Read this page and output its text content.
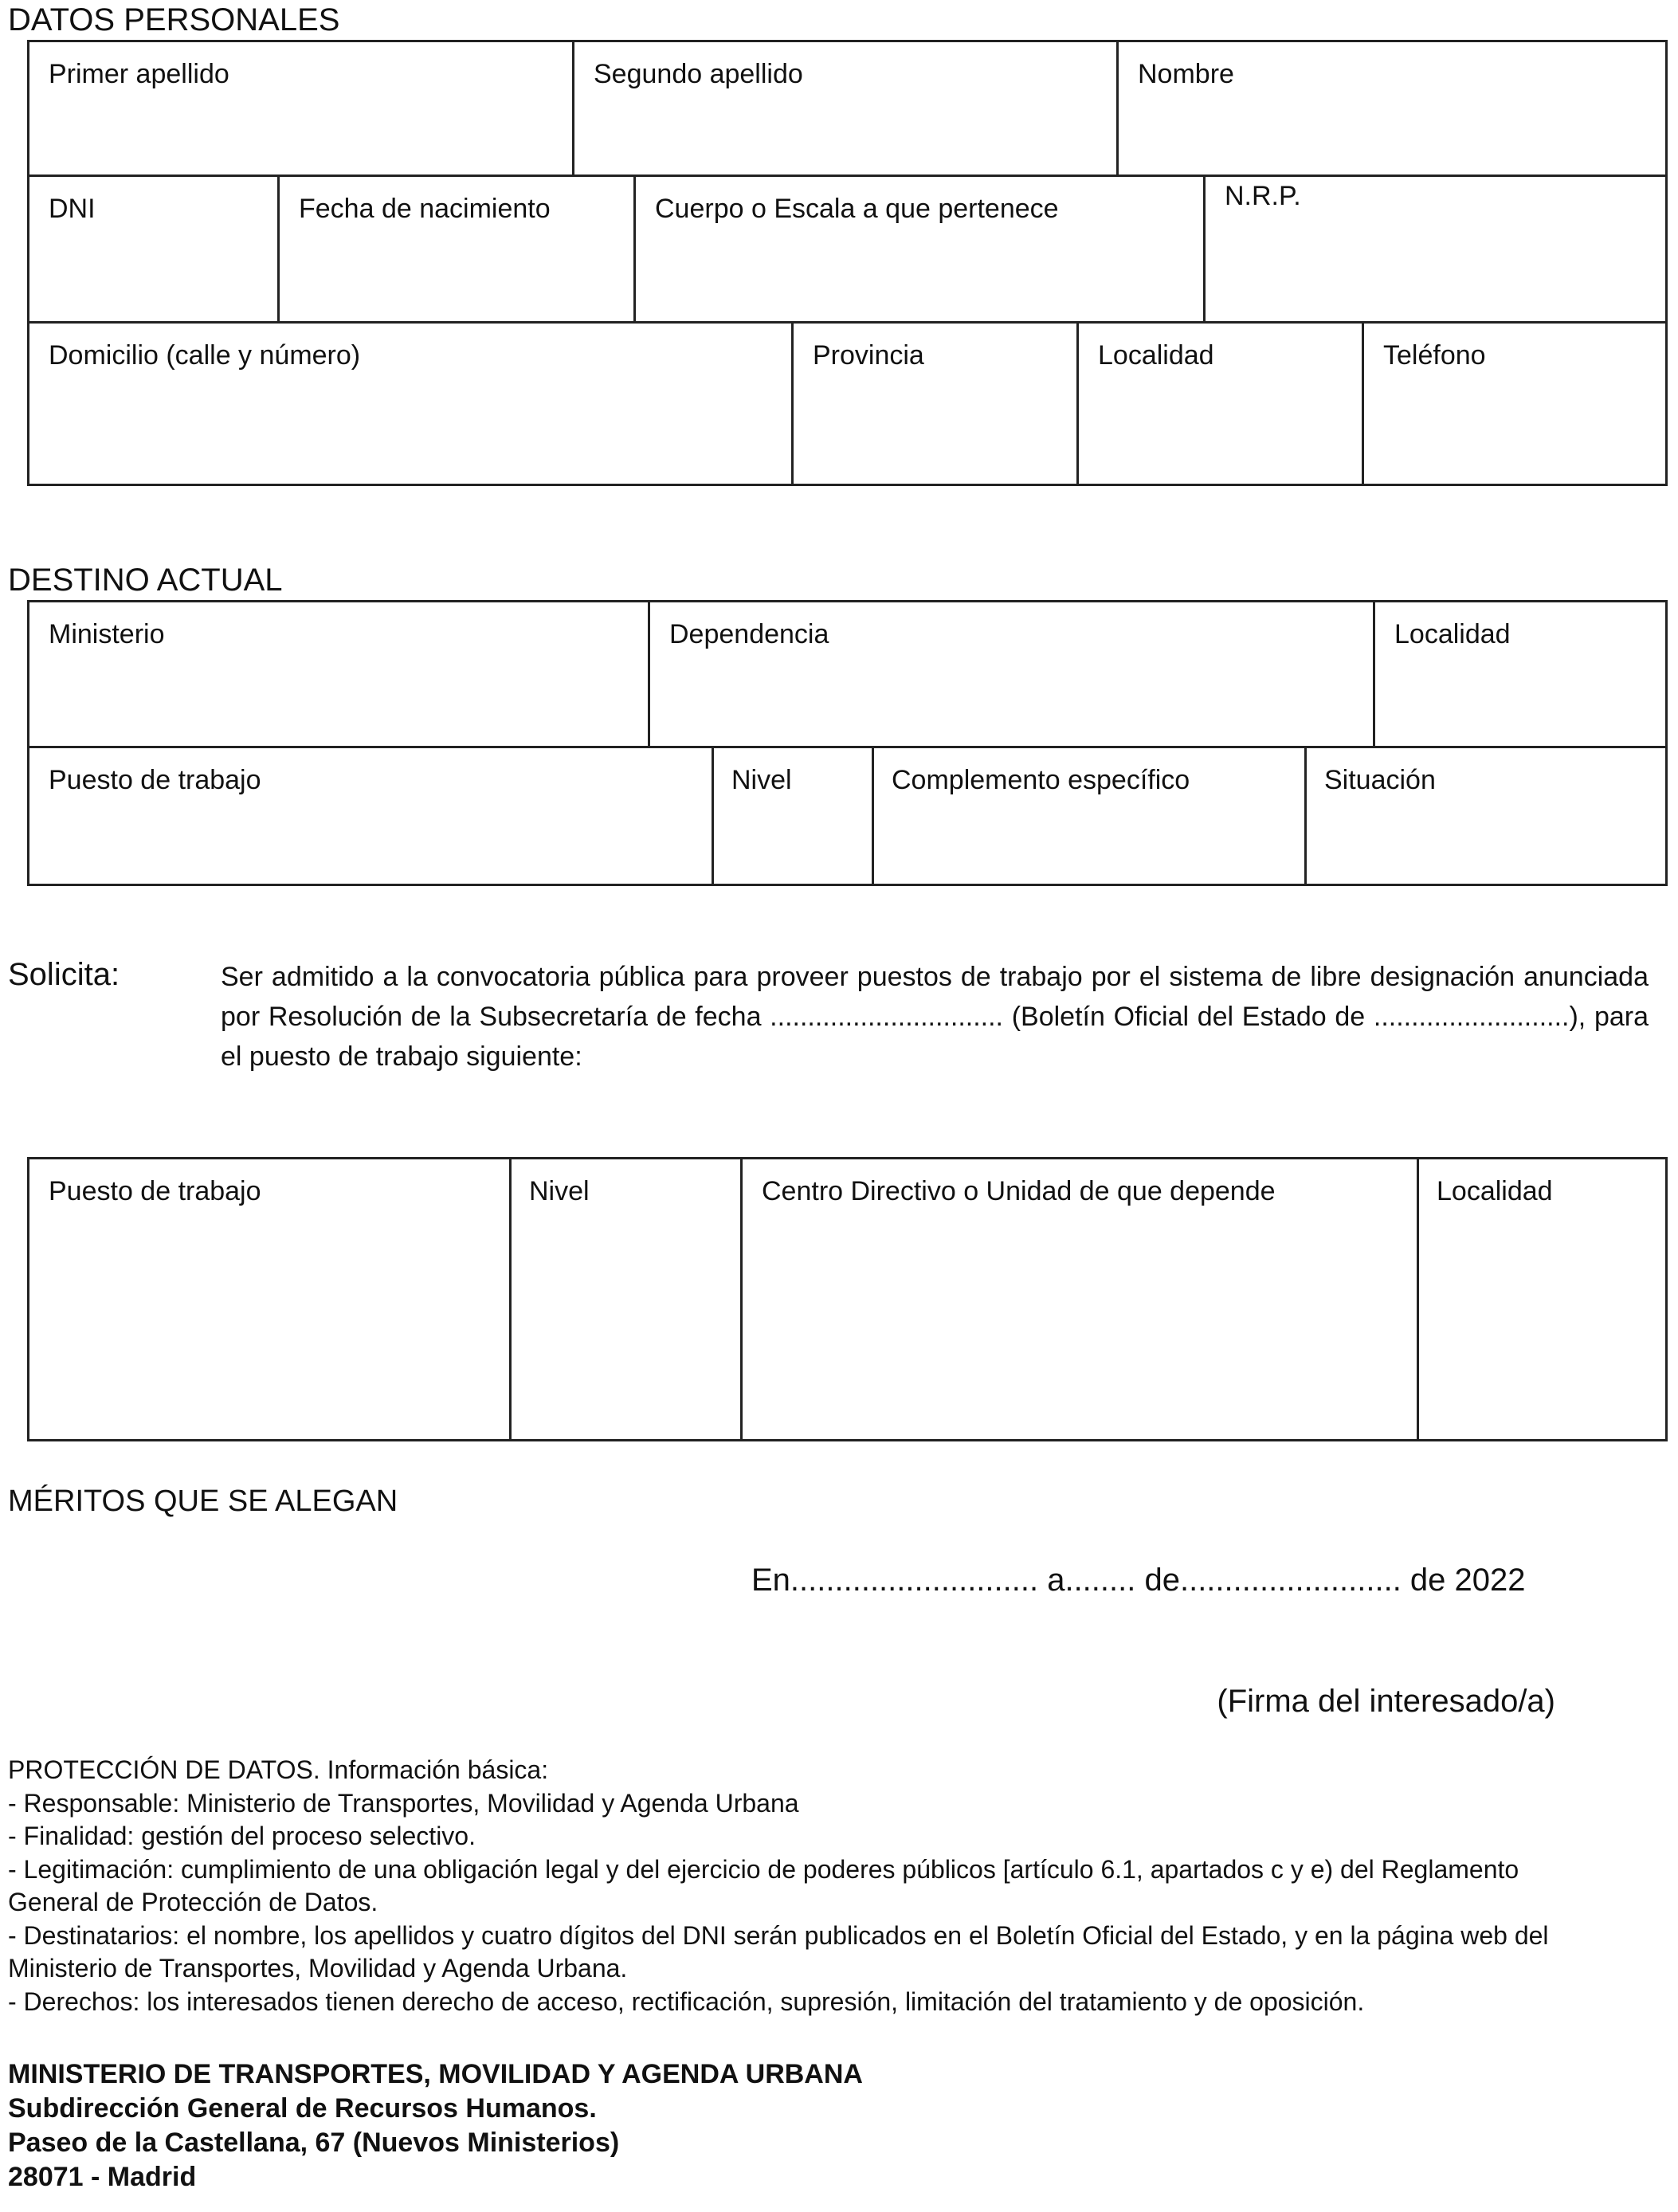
DATOS PERSONALES
Primer apellido	Segundo apellido	Nombre
DNI	Fecha de nacimiento	Cuerpo o Escala a que pertenece	N.R.P.
Domicilio (calle y número)	Provincia	Localidad	Teléfono
DESTINO ACTUAL
Ministerio	Dependencia	Localidad
Puesto de trabajo	Nivel	Complemento específico	Situación
Solicita:	Ser admitido a la convocatoria pública para proveer puestos de trabajo por el sistema de libre designación anunciada por Resolución de la Subsecretaría de fecha ............................... (Boletín Oficial del Estado de ..........................), para el puesto de trabajo siguiente:
Puesto de trabajo	Nivel	Centro Directivo o Unidad de que depende	Localidad
MÉRITOS QUE SE ALEGAN
En............................ a........ de......................... de 2022
(Firma del interesado/a)
PROTECCIÓN DE DATOS. Información básica:
- Responsable: Ministerio de Transportes, Movilidad y Agenda Urbana
- Finalidad: gestión del proceso selectivo.
- Legitimación: cumplimiento de una obligación legal y del ejercicio de poderes públicos [artículo 6.1, apartados c y e) del Reglamento General de Protección de Datos.
- Destinatarios: el nombre, los apellidos y cuatro dígitos del DNI serán publicados en el Boletín Oficial del Estado, y en la página web del Ministerio de Transportes, Movilidad y Agenda Urbana.
- Derechos: los interesados tienen derecho de acceso, rectificación, supresión, limitación del tratamiento y de oposición.
MINISTERIO DE TRANSPORTES, MOVILIDAD Y AGENDA URBANA
Subdirección General de Recursos Humanos.
Paseo de la Castellana, 67 (Nuevos Ministerios)
28071 - Madrid
